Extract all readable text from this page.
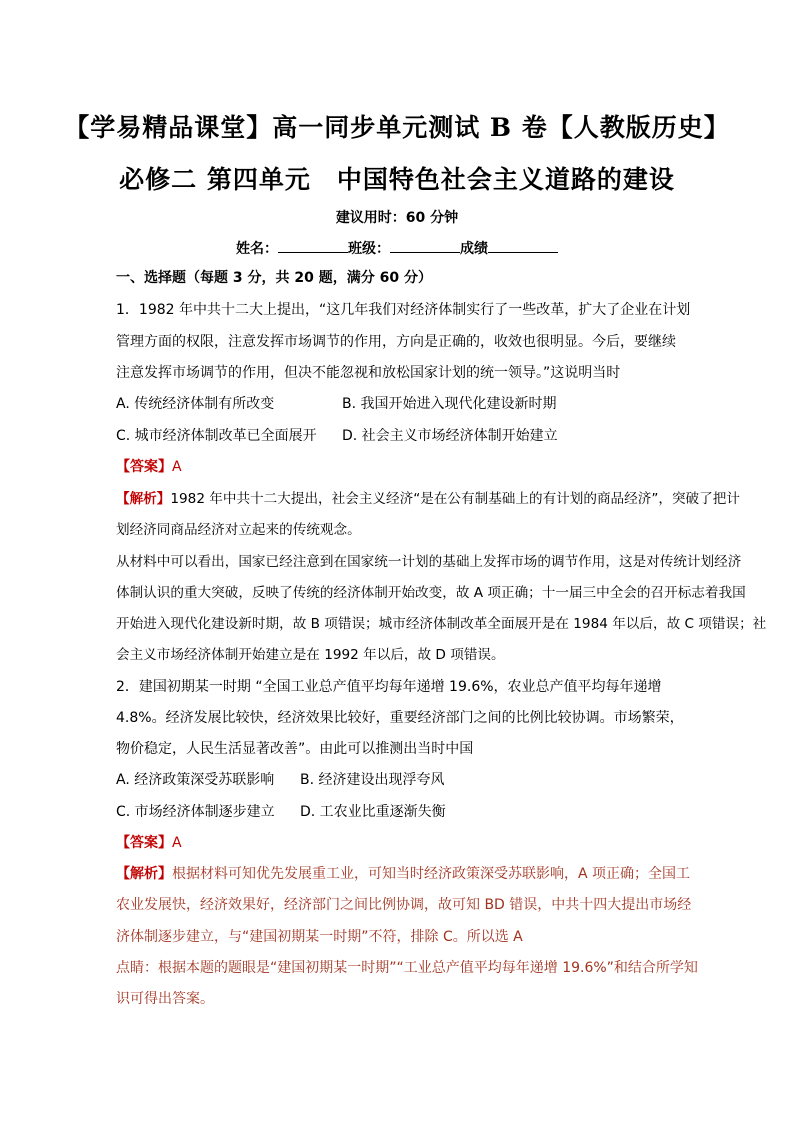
【学易精品课堂】高一同步单元测试 B 卷【人教版历史】
必修二 第四单元　中国特色社会主义道路的建设
建议用时：60 分钟
姓名：	班级：	成绩
一、选择题（每题 3 分，共 20 题，满分 60 分）
1．1982 年中共十二大上提出，“这几年我们对经济体制实行了一些改革，扩大了企业在计划
管理方面的权限，注意发挥市场调节的作用，方向是正确的，收效也很明显。今后，要继续
注意发挥市场调节的作用，但决不能忽视和放松国家计划的统一领导。”这说明当时
A. 传统经济体制有所改变	B. 我国开始进入现代化建设新时期
C. 城市经济体制改革已全面展开 D. 社会主义市场经济体制开始建立
【答案】A
【解析】1982 年中共十二大提出，社会主义经济“是在公有制基础上的有计划的商品经济”，突破了把计
划经济同商品经济对立起来的传统观念。
从材料中可以看出，国家已经注意到在国家统一计划的基础上发挥市场的调节作用，这是对传统计划经济
体制认识的重大突破，反映了传统的经济体制开始改变，故 A 项正确；十一届三中全会的召开标志着我国
开始进入现代化建设新时期，故 B 项错误；城市经济体制改革全面展开是在 1984 年以后，故 C 项错误；社
会主义市场经济体制开始建立是在 1992 年以后，故 D 项错误。
2．建国初期某一时期 “全国工业总产值平均每年递增 19.6%，农业总产值平均每年递增
4.8%。经济发展比较快，经济效果比较好，重要经济部门之间的比例比较协调。市场繁荣，
物价稳定，人民生活显著改善”。由此可以推测出当时中国
A. 经济政策深受苏联影响 B. 经济建设出现浮夸风
C. 市场经济体制逐步建立 D. 工农业比重逐渐失衡
【答案】A
【解析】根据材料可知优先发展重工业，可知当时经济政策深受苏联影响，A 项正确；全国工
农业发展快，经济效果好，经济部门之间比例协调，故可知 BD 错误，中共十四大提出市场经
济体制逐步建立，与“建国初期某一时期”不符，排除 C。所以选 A
点睛：根据本题的题眼是“建国初期某一时期”“工业总产值平均每年递增 19.6%”和结合所学知
识可得出答案。
